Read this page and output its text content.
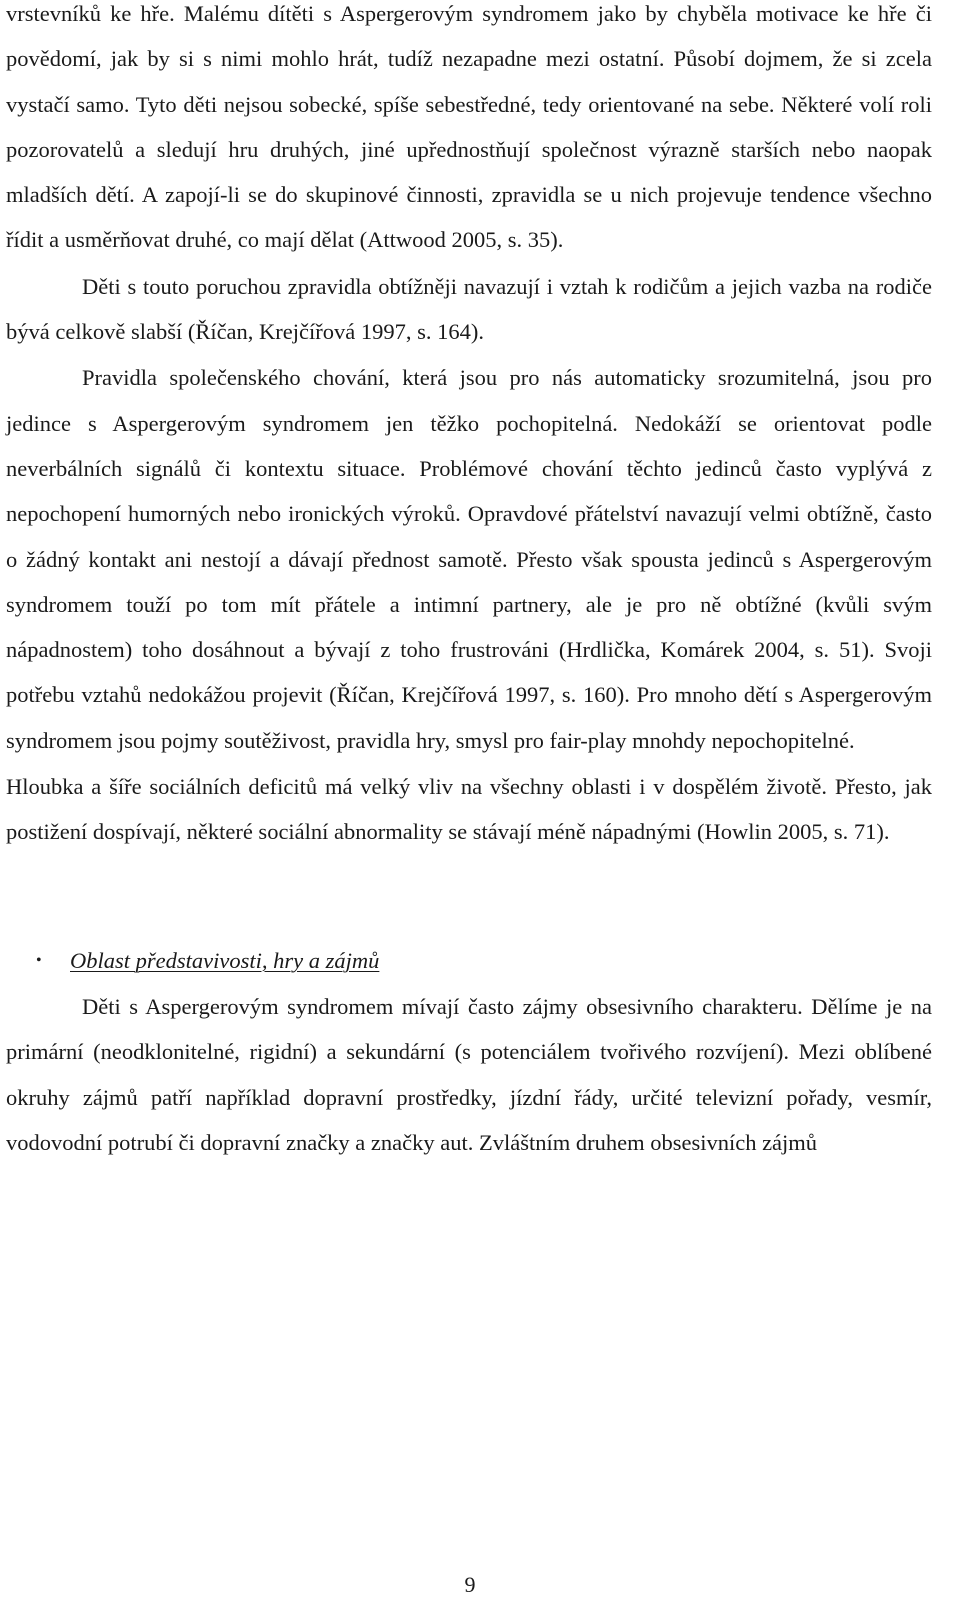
vrstevníků ke hře. Malému dítěti s Aspergerovým syndromem jako by chyběla motivace ke hře či povědomí, jak by si s nimi mohlo hrát, tudíž nezapadne mezi ostatní. Působí dojmem, že si zcela vystačí samo. Tyto děti nejsou sobecké, spíše sebestředné, tedy orientované na sebe. Některé volí roli pozorovatelů a sledují hru druhých, jiné upřednostňují společnost výrazně starších nebo naopak mladších dětí. A zapojí-li se do skupinové činnosti, zpravidla se u nich projevuje tendence všechno řídit a usměrňovat druhé, co mají dělat (Attwood 2005, s. 35).

Děti s touto poruchou zpravidla obtížněji navazují i vztah k rodičům a jejich vazba na rodiče bývá celkově slabší (Říčan, Krejčířová 1997, s. 164).

Pravidla společenského chování, která jsou pro nás automaticky srozumitelná, jsou pro jedince s Aspergerovým syndromem jen těžko pochopitelná. Nedokáží se orientovat podle neverbálních signálů či kontextu situace. Problémové chování těchto jedinců často vyplývá z nepochopení humorných nebo ironických výroků. Opravdové přátelství navazují velmi obtížně, často o žádný kontakt ani nestojí a dávají přednost samotě. Přesto však spousta jedinců s Aspergerovým syndromem touží po tom mít přátele a intimní partnery, ale je pro ně obtížné (kvůli svým nápadnostem) toho dosáhnout a bývají z toho frustrováni (Hrdlička, Komárek 2004, s. 51). Svoji potřebu vztahů nedokážou projevit (Říčan, Krejčířová 1997, s. 160). Pro mnoho dětí s Aspergerovým syndromem jsou pojmy soutěživost, pravidla hry, smysl pro fair-play mnohdy nepochopitelné.

Hloubka a šíře sociálních deficitů má velký vliv na všechny oblasti i v dospělém životě. Přesto, jak postižení dospívají, některé sociální abnormality se stávají méně nápadnými (Howlin 2005, s. 71).

•	Oblast představivosti, hry a zájmů

Děti s Aspergerovým syndromem mívají často zájmy obsesivního charakteru. Dělíme je na primární (neodklonitelné, rigidní) a sekundární (s potenciálem tvořivého rozvíjení). Mezi oblíbené okruhy zájmů patří například dopravní prostředky, jízdní řády, určité televizní pořady, vesmír, vodovodní potrubí či dopravní značky a značky aut. Zvláštním druhem obsesivních zájmů

9
